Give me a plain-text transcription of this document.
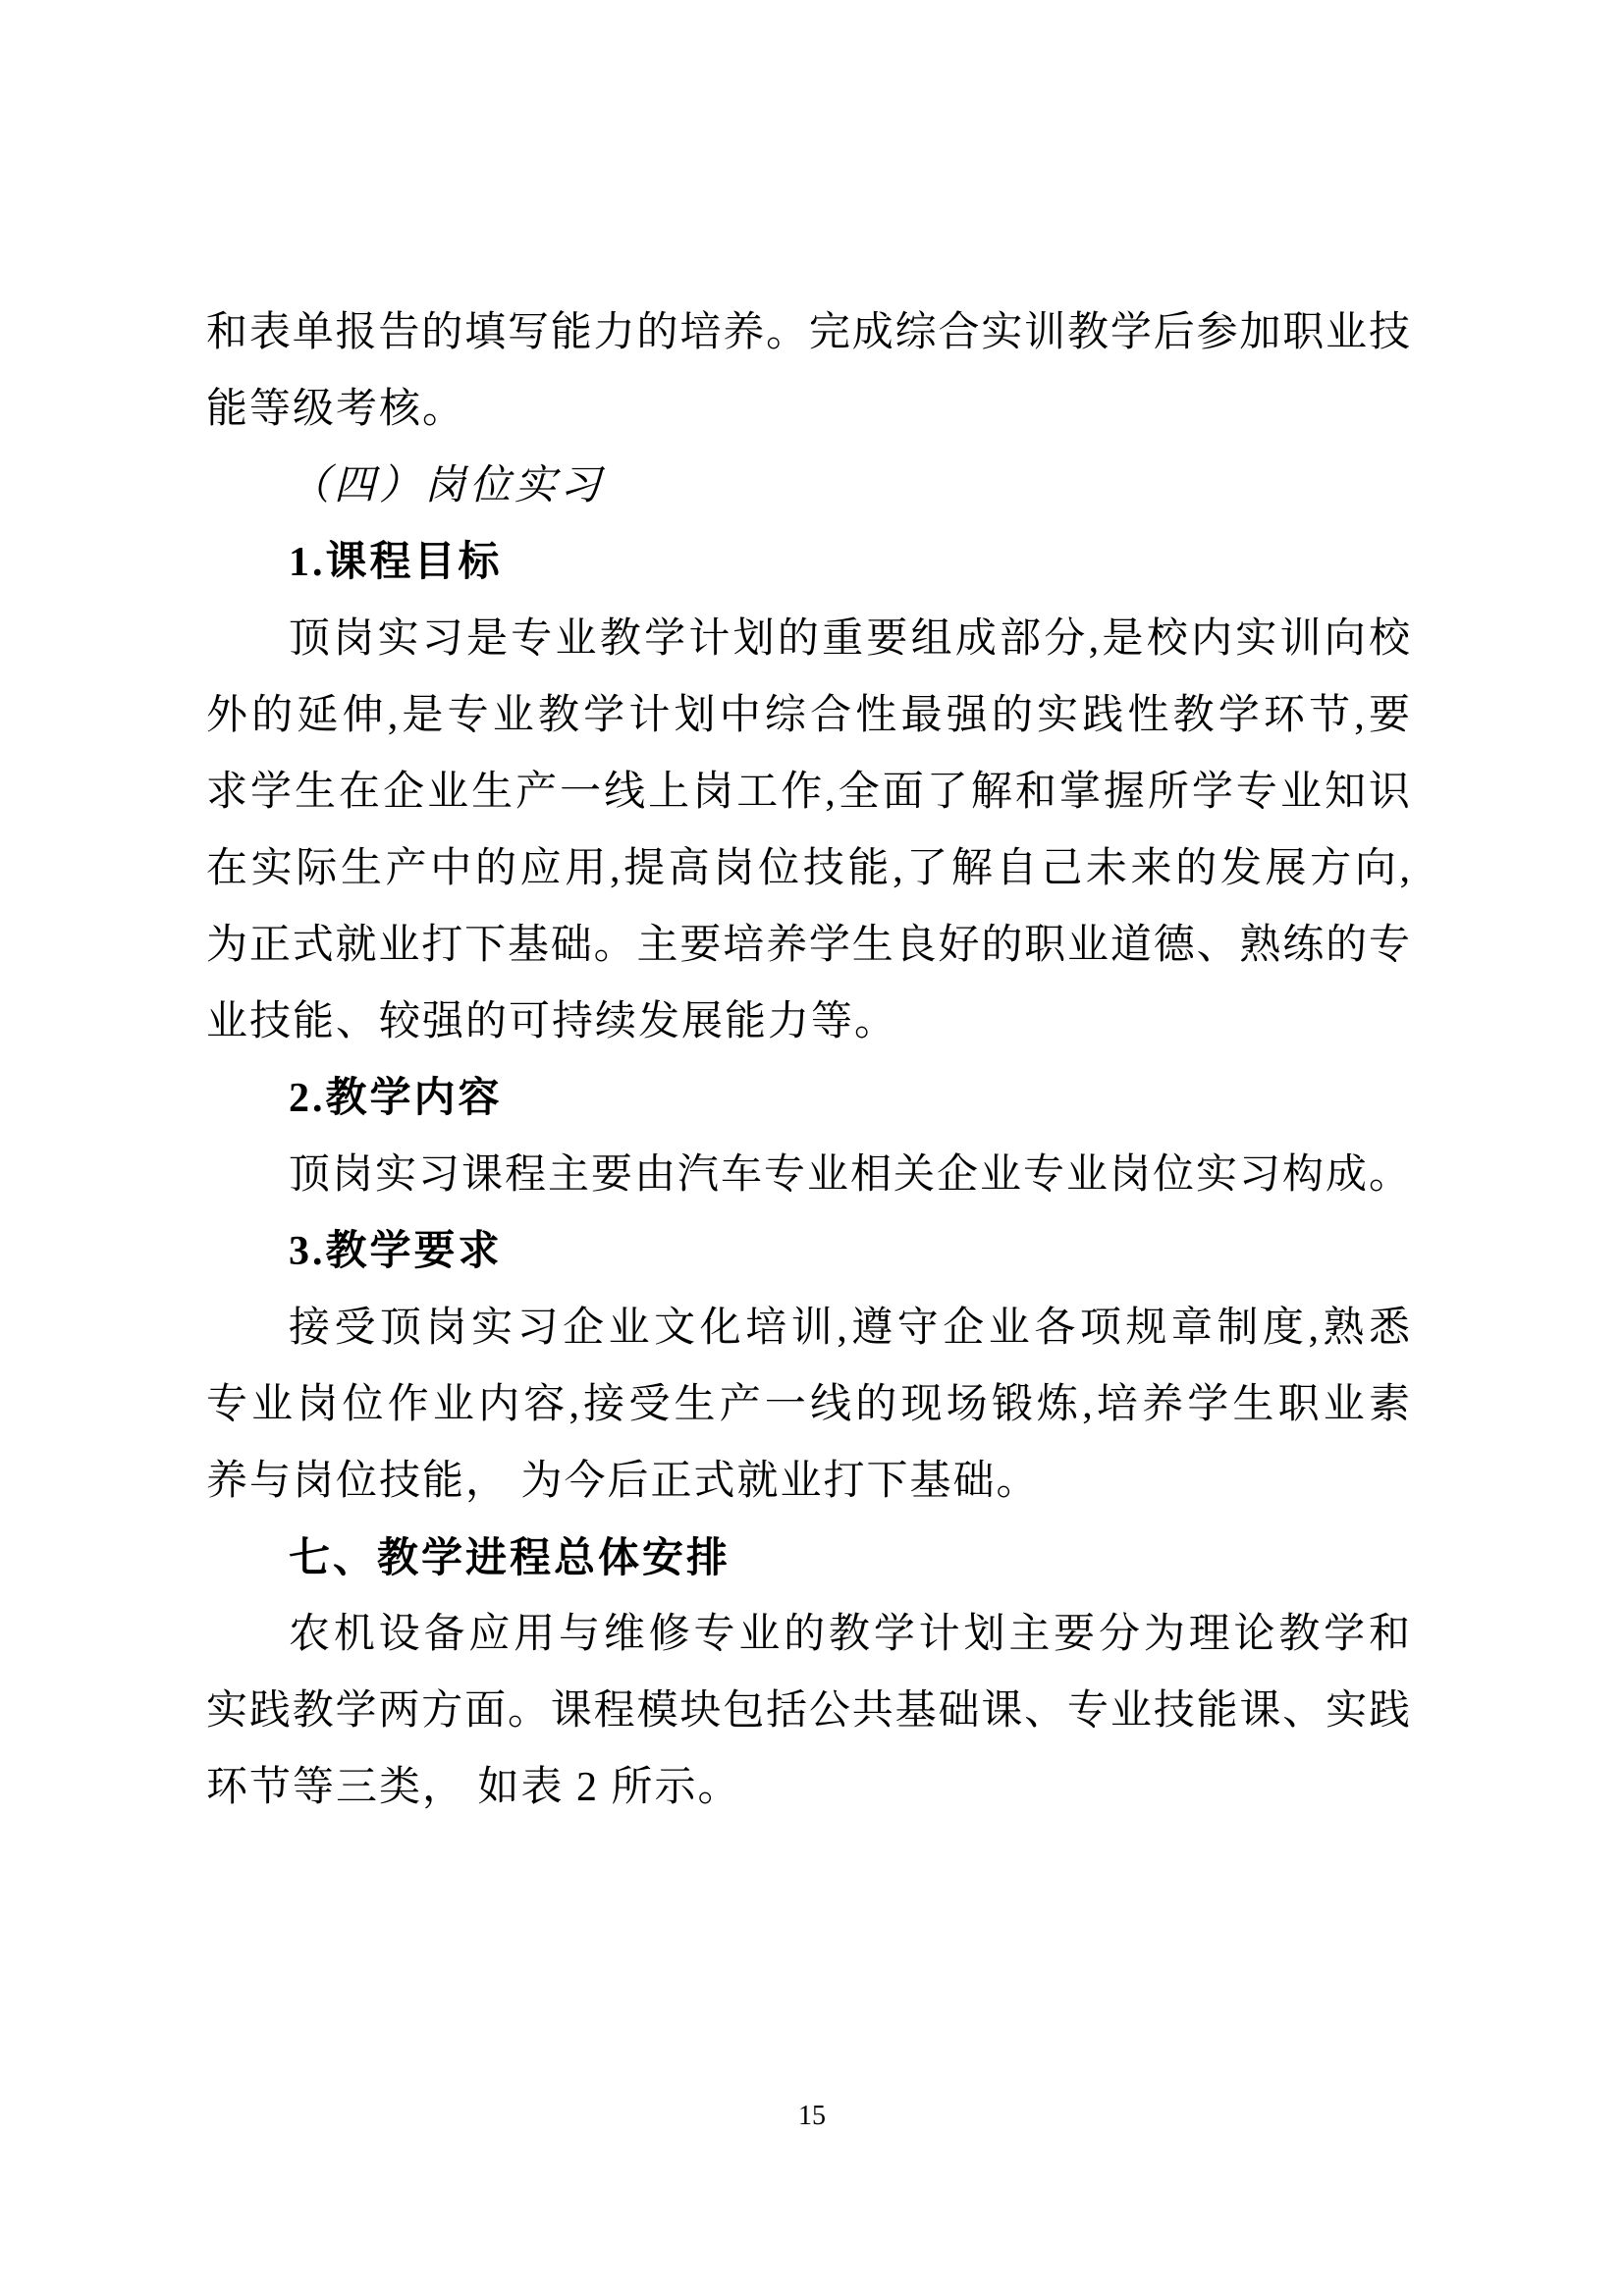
和表单报告的填写能力的培养。完成综合实训教学后参加职业技

能等级考核。

（四）岗位实习

1.课程目标

顶岗实习是专业教学计划的重要组成部分,是校内实训向校

外的延伸,是专业教学计划中综合性最强的实践性教学环节,要

求学生在企业生产一线上岗工作,全面了解和掌握所学专业知识

在实际生产中的应用,提高岗位技能,了解自己未来的发展方向,

为正式就业打下基础。主要培养学生良好的职业道德、熟练的专

业技能、较强的可持续发展能力等。

2.教学内容

顶岗实习课程主要由汽车专业相关企业专业岗位实习构成。

3.教学要求

接受顶岗实习企业文化培训,遵守企业各项规章制度,熟悉

专业岗位作业内容,接受生产一线的现场锻炼,培养学生职业素

养与岗位技能， 为今后正式就业打下基础。

七、教学进程总体安排

农机设备应用与维修专业的教学计划主要分为理论教学和

实践教学两方面。课程模块包括公共基础课、专业技能课、实践

环节等三类， 如表 2 所示。

15
